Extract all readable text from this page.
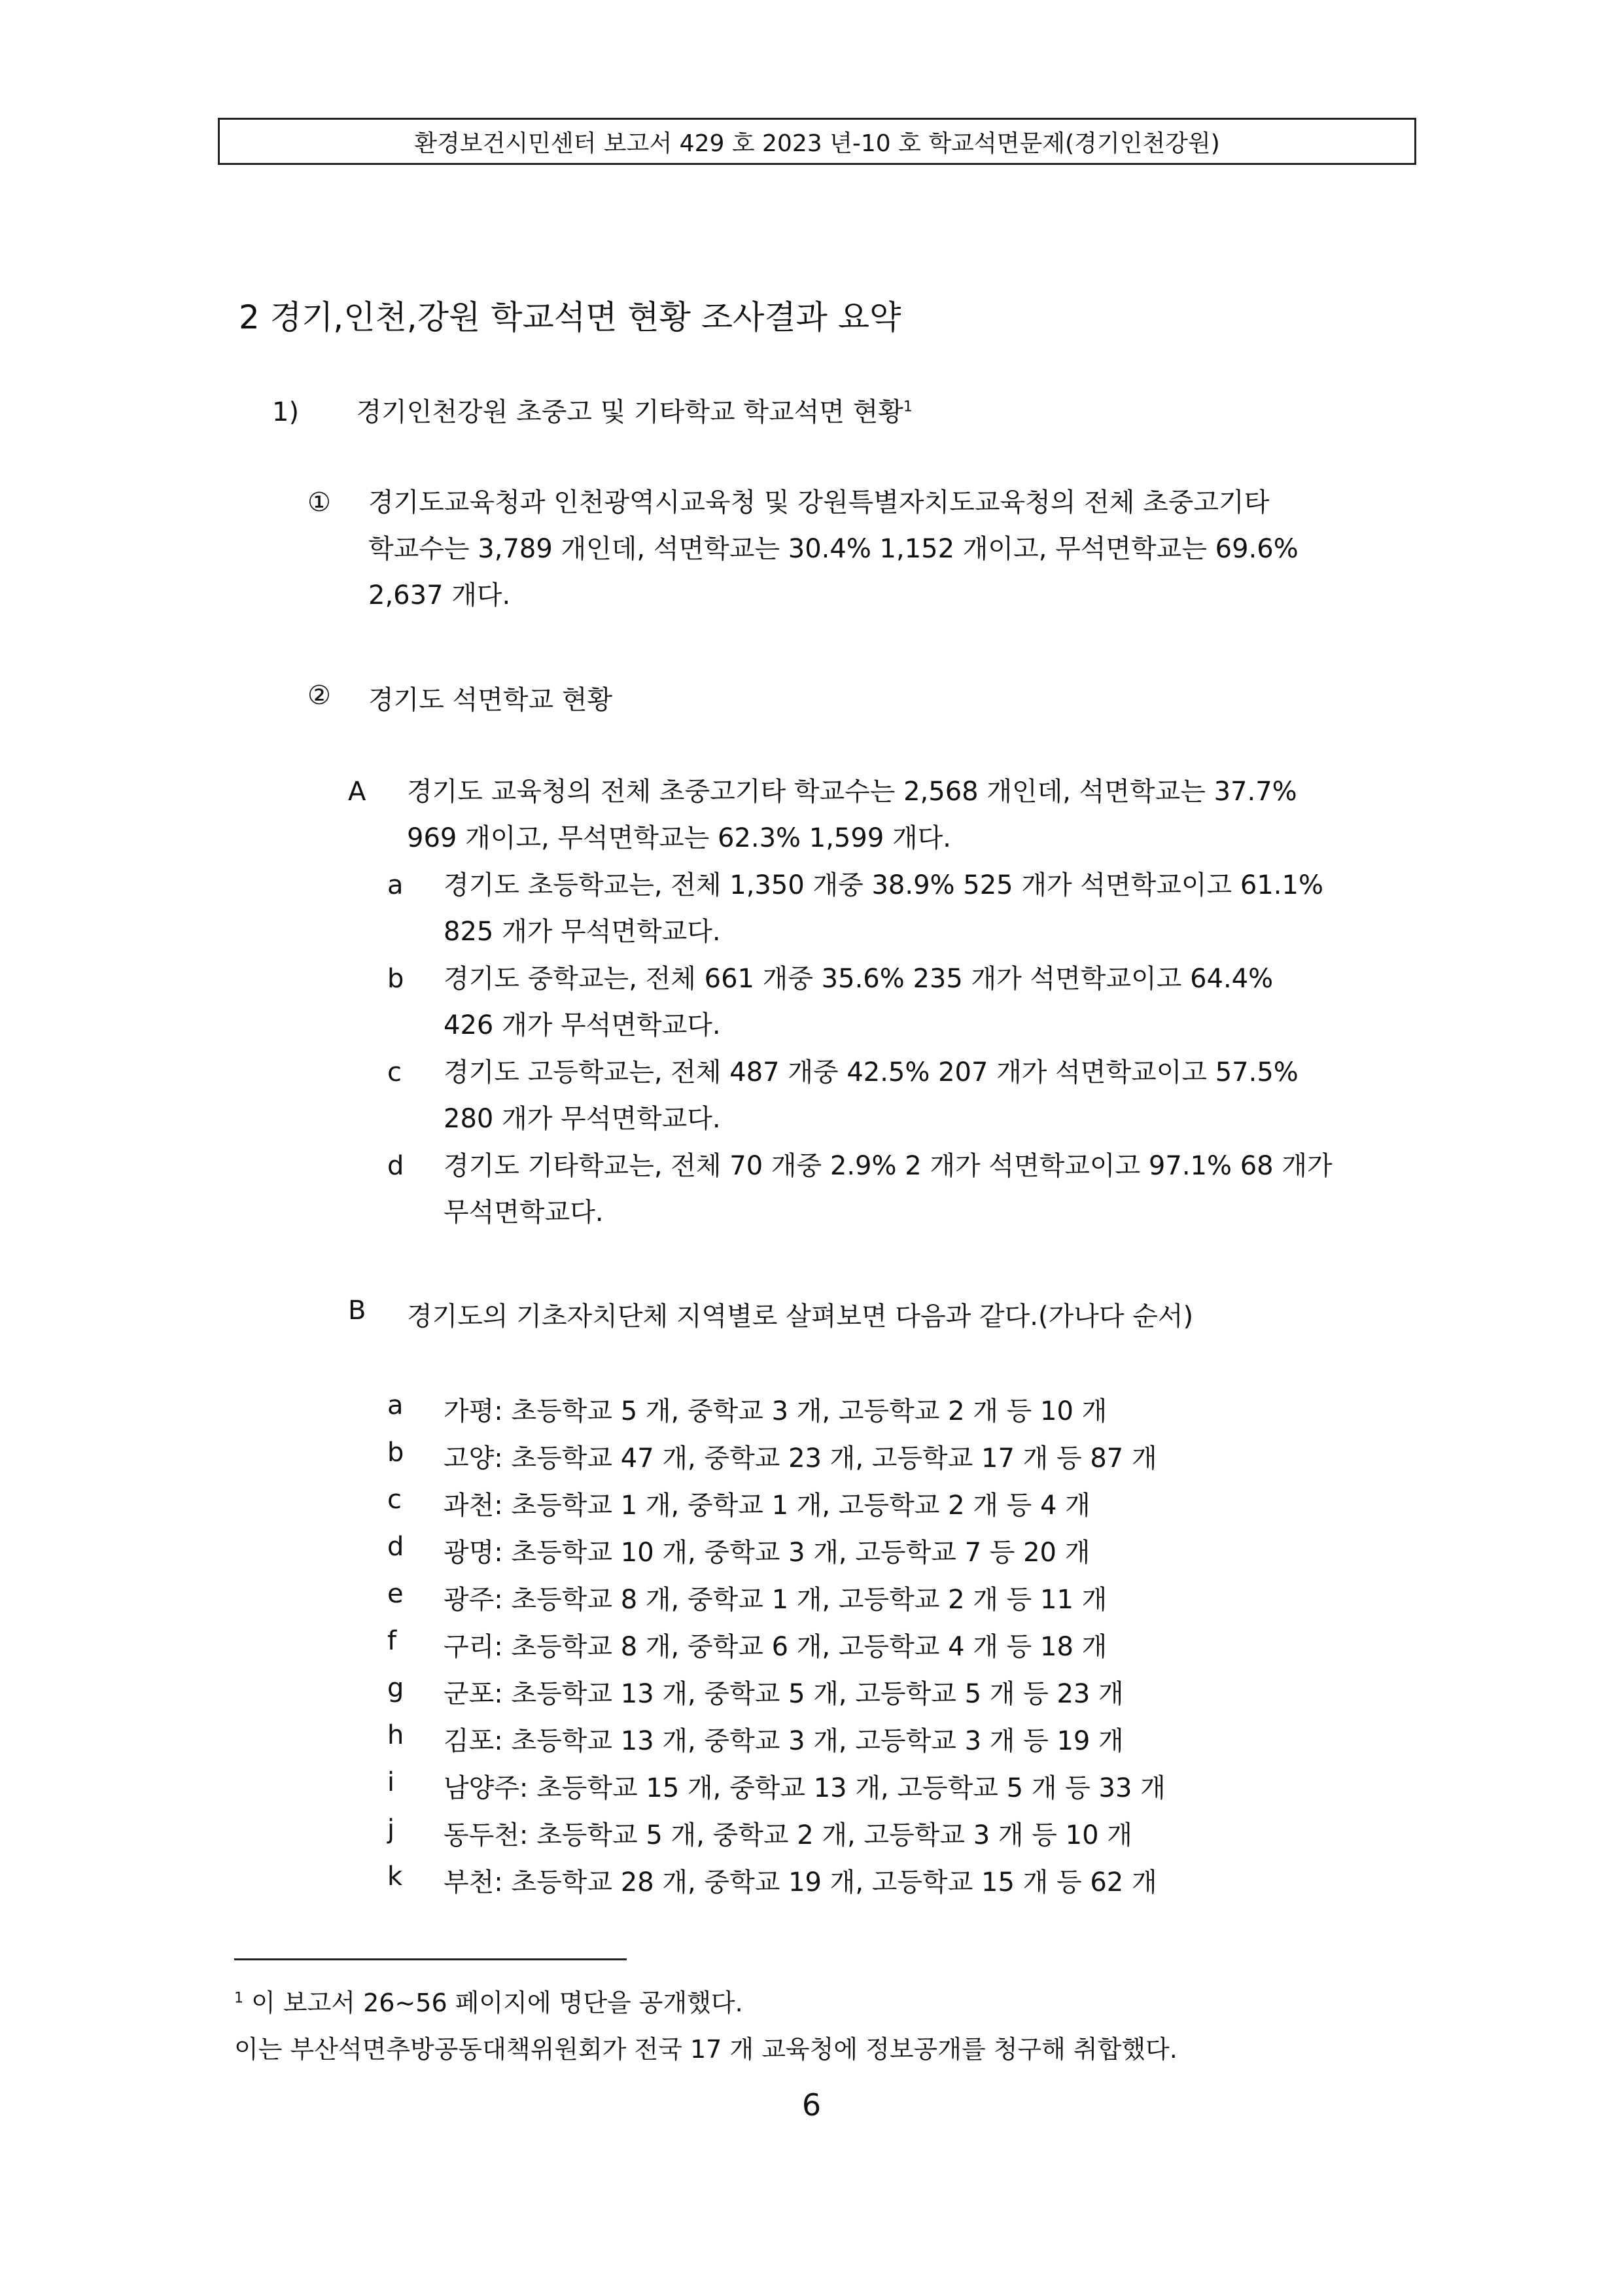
환경보건시민센터 보고서 429 호 2023 년-10 호 학교석면문제(경기인천강원)
2 경기,인천,강원 학교석면 현황 조사결과 요약
1) 경기인천강원 초중고 및 기타학교 학교석면 현황$^1$
① 경기도교육청과 인천광역시교육청 및 강원특별자치도교육청의 전체 초중고기타
학교수는 3,789 개인데, 석면학교는 30.4% 1,152 개이고, 무석면학교는 69.6%
2,637 개다.
② 경기도 석면학교 현황
A 경기도 교육청의 전체 초중고기타 학교수는 2,568 개인데, 석면학교는 37.7%
969 개이고, 무석면학교는 62.3% 1,599 개다.
a 경기도 초등학교는, 전체 1,350 개중 38.9% 525 개가 석면학교이고 61.1%
825 개가 무석면학교다.
b 경기도 중학교는, 전체 661 개중 35.6% 235 개가 석면학교이고 64.4%
426 개가 무석면학교다.
c 경기도 고등학교는, 전체 487 개중 42.5% 207 개가 석면학교이고 57.5%
280 개가 무석면학교다.
d 경기도 기타학교는, 전체 70 개중 2.9% 2 개가 석면학교이고 97.1% 68 개가
무석면학교다.
B 경기도의 기초자치단체 지역별로 살펴보면 다음과 같다.(가나다 순서)
a 가평: 초등학교 5 개, 중학교 3 개, 고등학교 2 개 등 10 개
b 고양: 초등학교 47 개, 중학교 23 개, 고등학교 17 개 등 87 개
c 과천: 초등학교 1 개, 중학교 1 개, 고등학교 2 개 등 4 개
d 광명: 초등학교 10 개, 중학교 3 개, 고등학교 7 등 20 개
e 광주: 초등학교 8 개, 중학교 1 개, 고등학교 2 개 등 11 개
f 구리: 초등학교 8 개, 중학교 6 개, 고등학교 4 개 등 18 개
g 군포: 초등학교 13 개, 중학교 5 개, 고등학교 5 개 등 23 개
h 김포: 초등학교 13 개, 중학교 3 개, 고등학교 3 개 등 19 개
i 남양주: 초등학교 15 개, 중학교 13 개, 고등학교 5 개 등 33 개
j 동두천: 초등학교 5 개, 중학교 2 개, 고등학교 3 개 등 10 개
k 부천: 초등학교 28 개, 중학교 19 개, 고등학교 15 개 등 62 개
$^1$ 이 보고서 26~56 페이지에 명단을 공개했다.
이는 부산석면추방공동대책위원회가 전국 17 개 교육청에 정보공개를 청구해 취합했다.
6
